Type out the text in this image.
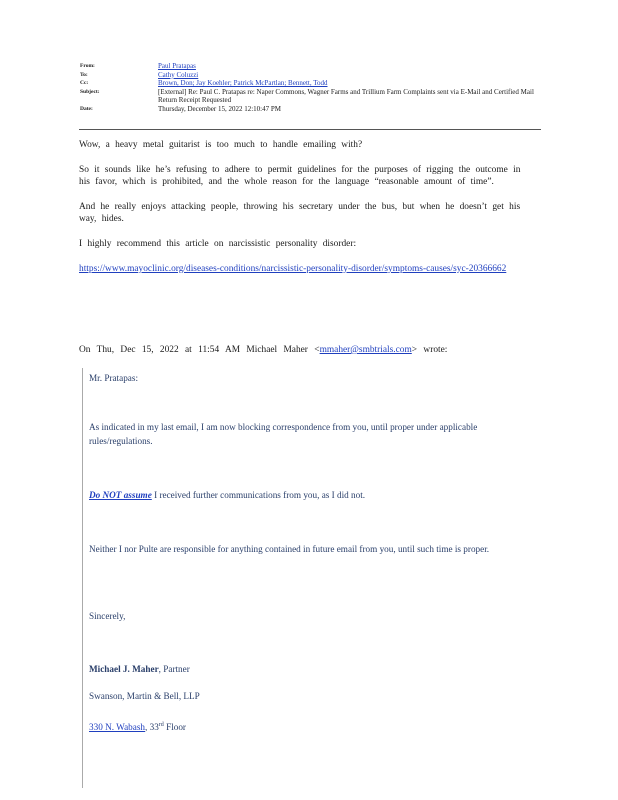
From:	Paul Pratapas
To:	Cathy Coluzzi
Cc:	Brown, Don; Jay Koehler; Patrick McPartlan; Bennett, Todd
Subject:	[External] Re: Paul C. Pratapas re: Naper Commons, Wagner Farms and Trillium Farm Complaints sent via E-Mail and Certified Mail Return Receipt Requested
Date:	Thursday, December 15, 2022 12:10:47 PM

Wow, a heavy metal guitarist is too much to handle emailing with?

So it sounds like he’s refusing to adhere to permit guidelines for the purposes of rigging the outcome in his favor, which is prohibited, and the whole reason for the language “reasonable amount of time”.

And he really enjoys attacking people, throwing his secretary under the bus, but when he doesn’t get his way, hides.

I highly recommend this article on narcissistic personality disorder:

https://www.mayoclinic.org/diseases-conditions/narcissistic-personality-disorder/symptoms-causes/syc-20366662

On Thu, Dec 15, 2022 at 11:54 AM Michael Maher <mmaher@smbtrials.com> wrote:
Mr. Pratapas:
As indicated in my last email, I am now blocking correspondence from you, until proper under applicable rules/regulations.
Do NOT assume I received further communications from you, as I did not.
Neither I nor Pulte are responsible for anything contained in future email from you, until such time is proper.
Sincerely,
Michael J. Maher, Partner
Swanson, Martin & Bell, LLP
330 N. Wabash, 33rd Floor
